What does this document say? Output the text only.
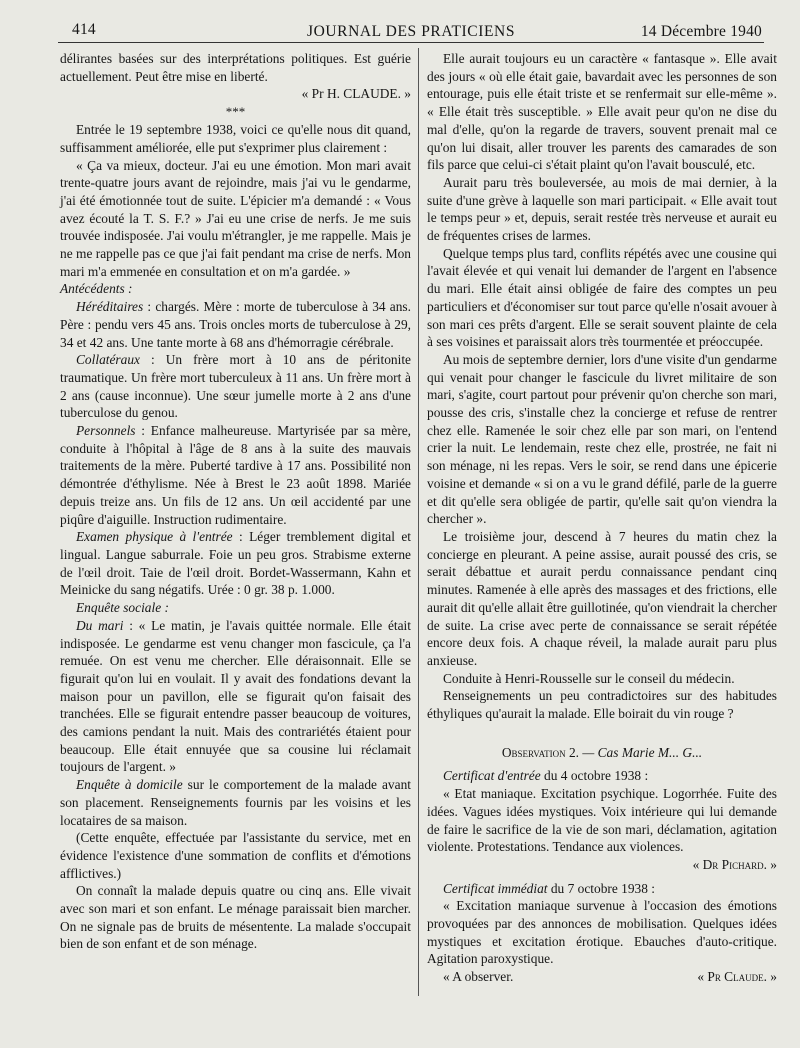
414	JOURNAL DES PRATICIENS	14 Décembre 1940

délirantes basées sur des interprétations politiques. Est guérie actuellement. Peut être mise en liberté.

« Pr H. CLAUDE. »

***

Entrée le 19 septembre 1938, voici ce qu'elle nous dit quand, suffisamment améliorée, elle put s'exprimer plus clairement :

« Ça va mieux, docteur. J'ai eu une émotion. Mon mari avait trente-quatre jours avant de rejoindre, mais j'ai vu le gendarme, j'ai été émotionnée tout de suite. L'épicier m'a demandé : « Vous avez écouté la T. S. F.? » J'ai eu une crise de nerfs. Je me suis trouvée indisposée. J'ai voulu m'étrangler, je me rappelle. Mais je ne me rappelle pas ce que j'ai fait pendant ma crise de nerfs. Mon mari m'a emmenée en consultation et on m'a gardée. »

Antécédents :

Héréditaires : chargés. Mère : morte de tuberculose à 34 ans. Père : pendu vers 45 ans. Trois oncles morts de tuberculose à 29, 34 et 42 ans. Une tante morte à 68 ans d'hémorragie cérébrale.

Collatéraux : Un frère mort à 10 ans de péritonite traumatique. Un frère mort tuberculeux à 11 ans. Un frère mort à 2 ans (cause inconnue). Une sœur jumelle morte à 2 ans d'une tuberculose du genou.

Personnels : Enfance malheureuse. Martyrisée par sa mère, conduite à l'hôpital à l'âge de 8 ans à la suite des mauvais traitements de la mère. Puberté tardive à 17 ans. Possibilité non démontrée d'éthylisme. Née à Brest le 23 août 1898. Mariée depuis treize ans. Un fils de 12 ans. Un œil accidenté par une piqûre d'aiguille. Instruction rudimentaire.

Examen physique à l'entrée : Léger tremblement digital et lingual. Langue saburrale. Foie un peu gros. Strabisme externe de l'œil droit. Taie de l'œil droit. Bordet-Wassermann, Kahn et Meinicke du sang négatifs. Urée : 0 gr. 38 p. 1.000.

Enquête sociale :

Du mari : « Le matin, je l'avais quittée normale. Elle était indisposée. Le gendarme est venu changer mon fascicule, ça l'a remuée. On est venu me chercher. Elle déraisonnait. Elle se figurait qu'on lui en voulait. Il y avait des fondations devant la maison pour un pavillon, elle se figurait qu'on faisait des tranchées. Elle se figurait entendre passer beaucoup de voitures, des camions pendant la nuit. Mais des contrariétés étaient pour beaucoup. Elle était ennuyée que sa cousine lui réclamait toujours de l'argent. »

Enquête à domicile sur le comportement de la malade avant son placement. Renseignements fournis par les voisins et les locataires de sa maison.

(Cette enquête, effectuée par l'assistante du service, met en évidence l'existence d'une sommation de conflits et d'émotions afflictives.)

On connaît la malade depuis quatre ou cinq ans. Elle vivait avec son mari et son enfant. Le ménage paraissait bien marcher. On ne signale pas de bruits de mésentente. La malade s'occupait bien de son enfant et de son ménage.

Elle aurait toujours eu un caractère « fantasque ». Elle avait des jours « où elle était gaie, bavardait avec les personnes de son entourage, puis elle était triste et se renfermait sur elle-même ». « Elle était très susceptible. » Elle avait peur qu'on ne dise du mal d'elle, qu'on la regarde de travers, souvent prenait mal ce qu'on lui disait, aller trouver les parents des camarades de son fils parce que celui-ci s'était plaint qu'on l'avait bousculé, etc.

Aurait paru très bouleversée, au mois de mai dernier, à la suite d'une grève à laquelle son mari participait. « Elle avait tout le temps peur » et, depuis, serait restée très nerveuse et aurait eu de fréquentes crises de larmes.

Quelque temps plus tard, conflits répétés avec une cousine qui l'avait élevée et qui venait lui demander de l'argent en l'absence du mari. Elle était ainsi obligée de faire des comptes un peu particuliers et d'économiser sur tout parce qu'elle n'osait avouer à son mari ces prêts d'argent. Elle se serait souvent plainte de cela à ses voisines et paraissait alors très tourmentée et préoccupée.

Au mois de septembre dernier, lors d'une visite d'un gendarme qui venait pour changer le fascicule du livret militaire de son mari, s'agite, court partout pour prévenir qu'on cherche son mari, pousse des cris, s'installe chez la concierge et refuse de rentrer chez elle. Ramenée le soir chez elle par son mari, on l'entend crier la nuit. Le lendemain, reste chez elle, prostrée, ne fait ni son ménage, ni les repas. Vers le soir, se rend dans une épicerie voisine et demande « si on a vu le grand défilé, parle de la guerre et dit qu'elle sera obligée de partir, qu'elle sait qu'on viendra la chercher ».

Le troisième jour, descend à 7 heures du matin chez la concierge en pleurant. A peine assise, aurait poussé des cris, se serait débattue et aurait perdu connaissance pendant cinq minutes. Ramenée à elle après des massages et des frictions, elle aurait dit qu'elle allait être guillotinée, qu'on viendrait la chercher de suite. La crise avec perte de connaissance se serait répétée encore deux fois. A chaque réveil, la malade aurait paru plus anxieuse.

Conduite à Henri-Rousselle sur le conseil du médecin.

Renseignements un peu contradictoires sur des habitudes éthyliques qu'aurait la malade. Elle boirait du vin rouge ?

Observation 2. — Cas Marie M... G...

Certificat d'entrée du 4 octobre 1938 :

« Etat maniaque. Excitation psychique. Logorrhée. Fuite des idées. Vagues idées mystiques. Voix intérieure qui lui demande de faire le sacrifice de la vie de son mari, déclamation, agitation violente. Protestations. Tendance aux violences.

« Dr Pichard. »

Certificat immédiat du 7 octobre 1938 :

« Excitation maniaque survenue à l'occasion des émotions provoquées par des annonces de mobilisation. Quelques idées mystiques et excitation érotique. Ebauches d'auto-critique. Agitation paroxystique.

« A observer.	« Pr Claude. »
